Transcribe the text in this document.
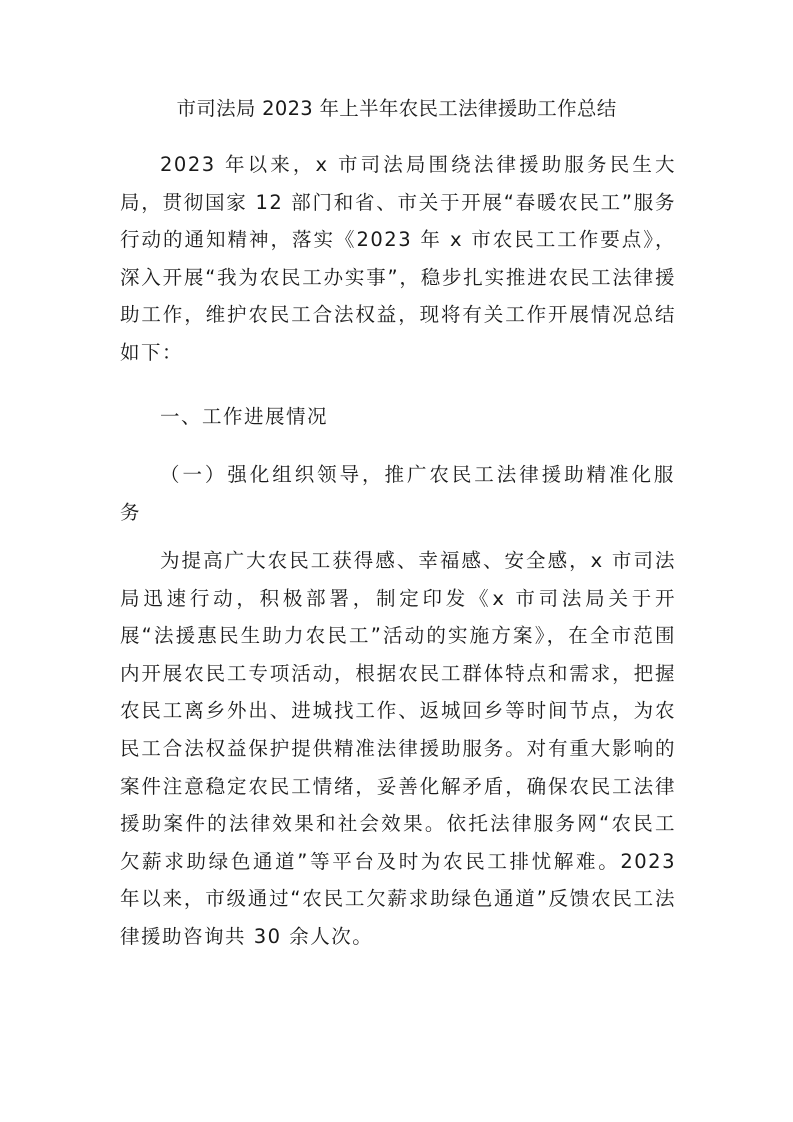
市司法局 2023 年上半年农民工法律援助工作总结

2023 年以来，x 市司法局围绕法律援助服务民生大局，贯彻国家 12 部门和省、市关于开展“春暖农民工”服务行动的通知精神，落实《2023 年 x 市农民工工作要点》，深入开展“我为农民工办实事”，稳步扎实推进农民工法律援助工作，维护农民工合法权益，现将有关工作开展情况总结如下：

一、工作进展情况

（一）强化组织领导，推广农民工法律援助精准化服务

为提高广大农民工获得感、幸福感、安全感，x 市司法局迅速行动，积极部署，制定印发《x 市司法局关于开展“法援惠民生助力农民工”活动的实施方案》，在全市范围内开展农民工专项活动，根据农民工群体特点和需求，把握农民工离乡外出、进城找工作、返城回乡等时间节点，为农民工合法权益保护提供精准法律援助服务。对有重大影响的案件注意稳定农民工情绪，妥善化解矛盾，确保农民工法律援助案件的法律效果和社会效果。依托法律服务网“农民工欠薪求助绿色通道”等平台及时为农民工排忧解难。2023 年以来，市级通过“农民工欠薪求助绿色通道”反馈农民工法律援助咨询共 30 余人次。
